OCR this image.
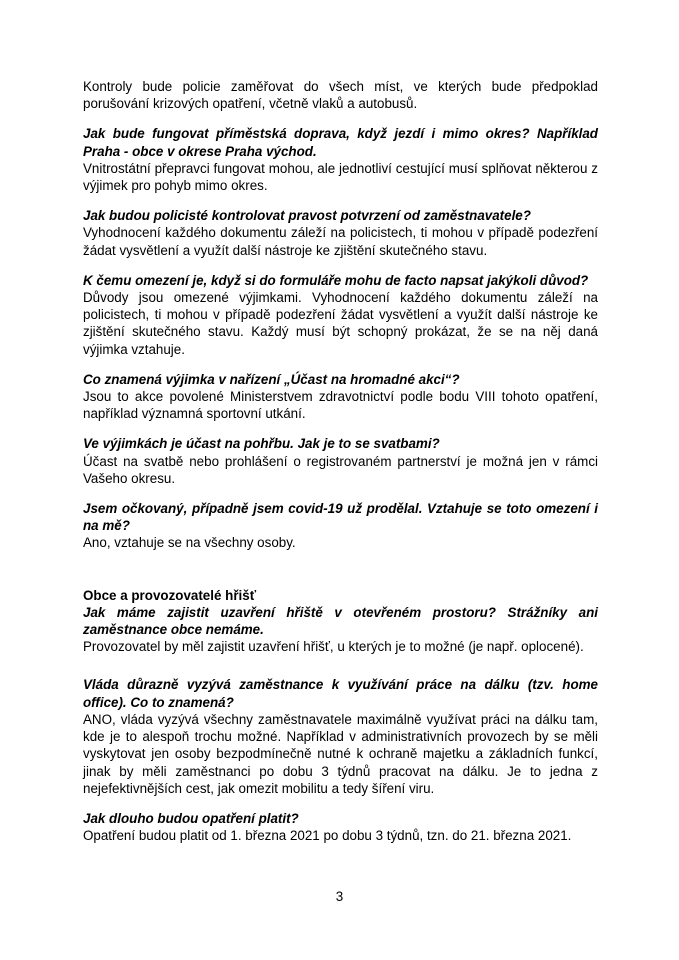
Kontroly bude policie zaměřovat do všech míst, ve kterých bude předpoklad porušování krizových opatření, včetně vlaků a autobusů.

Jak bude fungovat příměstská doprava, když jezdí i mimo okres? Například Praha - obce v okrese Praha východ.

Vnitrostátní přepravci fungovat mohou, ale jednotliví cestující musí splňovat některou z výjimek pro pohyb mimo okres.

Jak budou policisté kontrolovat pravost potvrzení od zaměstnavatele?

Vyhodnocení každého dokumentu záleží na policistech, ti mohou v případě podezření žádat vysvětlení a využít další nástroje ke zjištění skutečného stavu.

K čemu omezení je, když si do formuláře mohu de facto napsat jakýkoli důvod?

Důvody jsou omezené výjimkami. Vyhodnocení každého dokumentu záleží na policistech, ti mohou v případě podezření žádat vysvětlení a využít další nástroje ke zjištění skutečného stavu. Každý musí být schopný prokázat, že se na něj daná výjimka vztahuje.

Co znamená výjimka v nařízení „Účast na hromadné akci“?

Jsou to akce povolené Ministerstvem zdravotnictví podle bodu VIII tohoto opatření, například významná sportovní utkání.

Ve výjimkách je účast na pohřbu. Jak je to se svatbami?

Účast na svatbě nebo prohlášení o registrovaném partnerství je možná jen v rámci Vašeho okresu.

Jsem očkovaný, případně jsem covid-19 už prodělal. Vztahuje se toto omezení i na mě?

Ano, vztahuje se na všechny osoby.

Obce a provozovatelé hřišť

Jak máme zajistit uzavření hřiště v otevřeném prostoru? Strážníky ani zaměstnance obce nemáme.

Provozovatel by měl zajistit uzavření hřišť, u kterých je to možné (je např. oplocené).

Vláda důrazně vyzývá zaměstnance k využívání práce na dálku (tzv. home office). Co to znamená?

ANO, vláda vyzývá všechny zaměstnavatele maximálně využívat práci na dálku tam, kde je to alespoň trochu možné. Například v administrativních provozech by se měli vyskytovat jen osoby bezpodmínečně nutné k ochraně majetku a základních funkcí, jinak by měli zaměstnanci po dobu 3 týdnů pracovat na dálku. Je to jedna z nejefektivnějších cest, jak omezit mobilitu a tedy šíření viru.

Jak dlouho budou opatření platit?

Opatření budou platit od 1. března 2021 po dobu 3 týdnů, tzn. do 21. března 2021.

3
